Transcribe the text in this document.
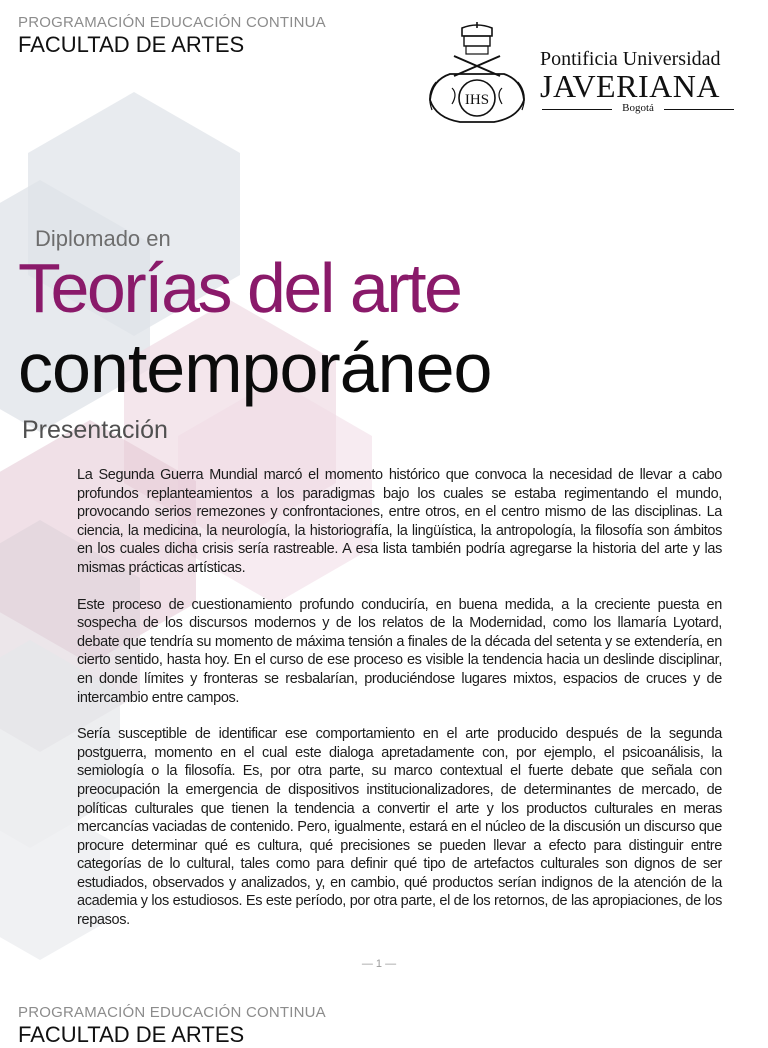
PROGRAMACIÓN EDUCACIÓN CONTINUA
FACULTAD DE ARTES
IHS
Pontificia Universidad
JAVERIANA
Bogotá
Diplomado en
Teorías del arte
contemporáneo
Presentación

La Segunda Guerra Mundial marcó el momento histórico que convoca la necesidad de llevar a cabo profundos replanteamientos a los paradigmas bajo los cuales se estaba regimentando el mundo, provocando serios remezones y confrontaciones, entre otros, en el centro mismo de las disciplinas. La ciencia, la medicina, la neurología, la historiografía, la lingüística, la antropología, la filosofía son ámbitos en los cuales dicha crisis sería rastreable. A esa lista también podría agregarse la historia del arte y las mismas prácticas artísticas.

Este proceso de cuestionamiento profundo conduciría, en buena medida, a la creciente puesta en sospecha de los discursos modernos y de los relatos de la Modernidad, como los llamaría Lyotard, debate que tendría su momento de máxima tensión a finales de la década del setenta y se extendería, en cierto sentido, hasta hoy. En el curso de ese proceso es visible la tendencia hacia un deslinde disciplinar, en donde límites y fronteras se resbalarían, produciéndose lugares mixtos, espacios de cruces y de intercambio entre campos.

Sería susceptible de identificar ese comportamiento en el arte producido después de la segunda postguerra, momento en el cual este dialoga apretadamente con, por ejemplo, el psicoanálisis, la semiología o la filosofía. Es, por otra parte, su marco contextual el fuerte debate que señala con preocupación la emergencia de dispositivos institucionalizadores, de determinantes de mercado, de políticas culturales que tienen la tendencia a convertir el arte y los productos culturales en meras mercancías vaciadas de contenido. Pero, igualmente, estará en el núcleo de la discusión un discurso que procure determinar qué es cultura, qué precisiones se pueden llevar a efecto para distinguir entre categorías de lo cultural, tales como para definir qué tipo de artefactos culturales son dignos de ser estudiados, observados y analizados, y, en cambio, qué productos serían indignos de la atención de la academia y los estudiosos. Es este período, por otra parte, el de los retornos, de las apropiaciones, de los repasos.

— 1 —
PROGRAMACIÓN EDUCACIÓN CONTINUA
FACULTAD DE ARTES
